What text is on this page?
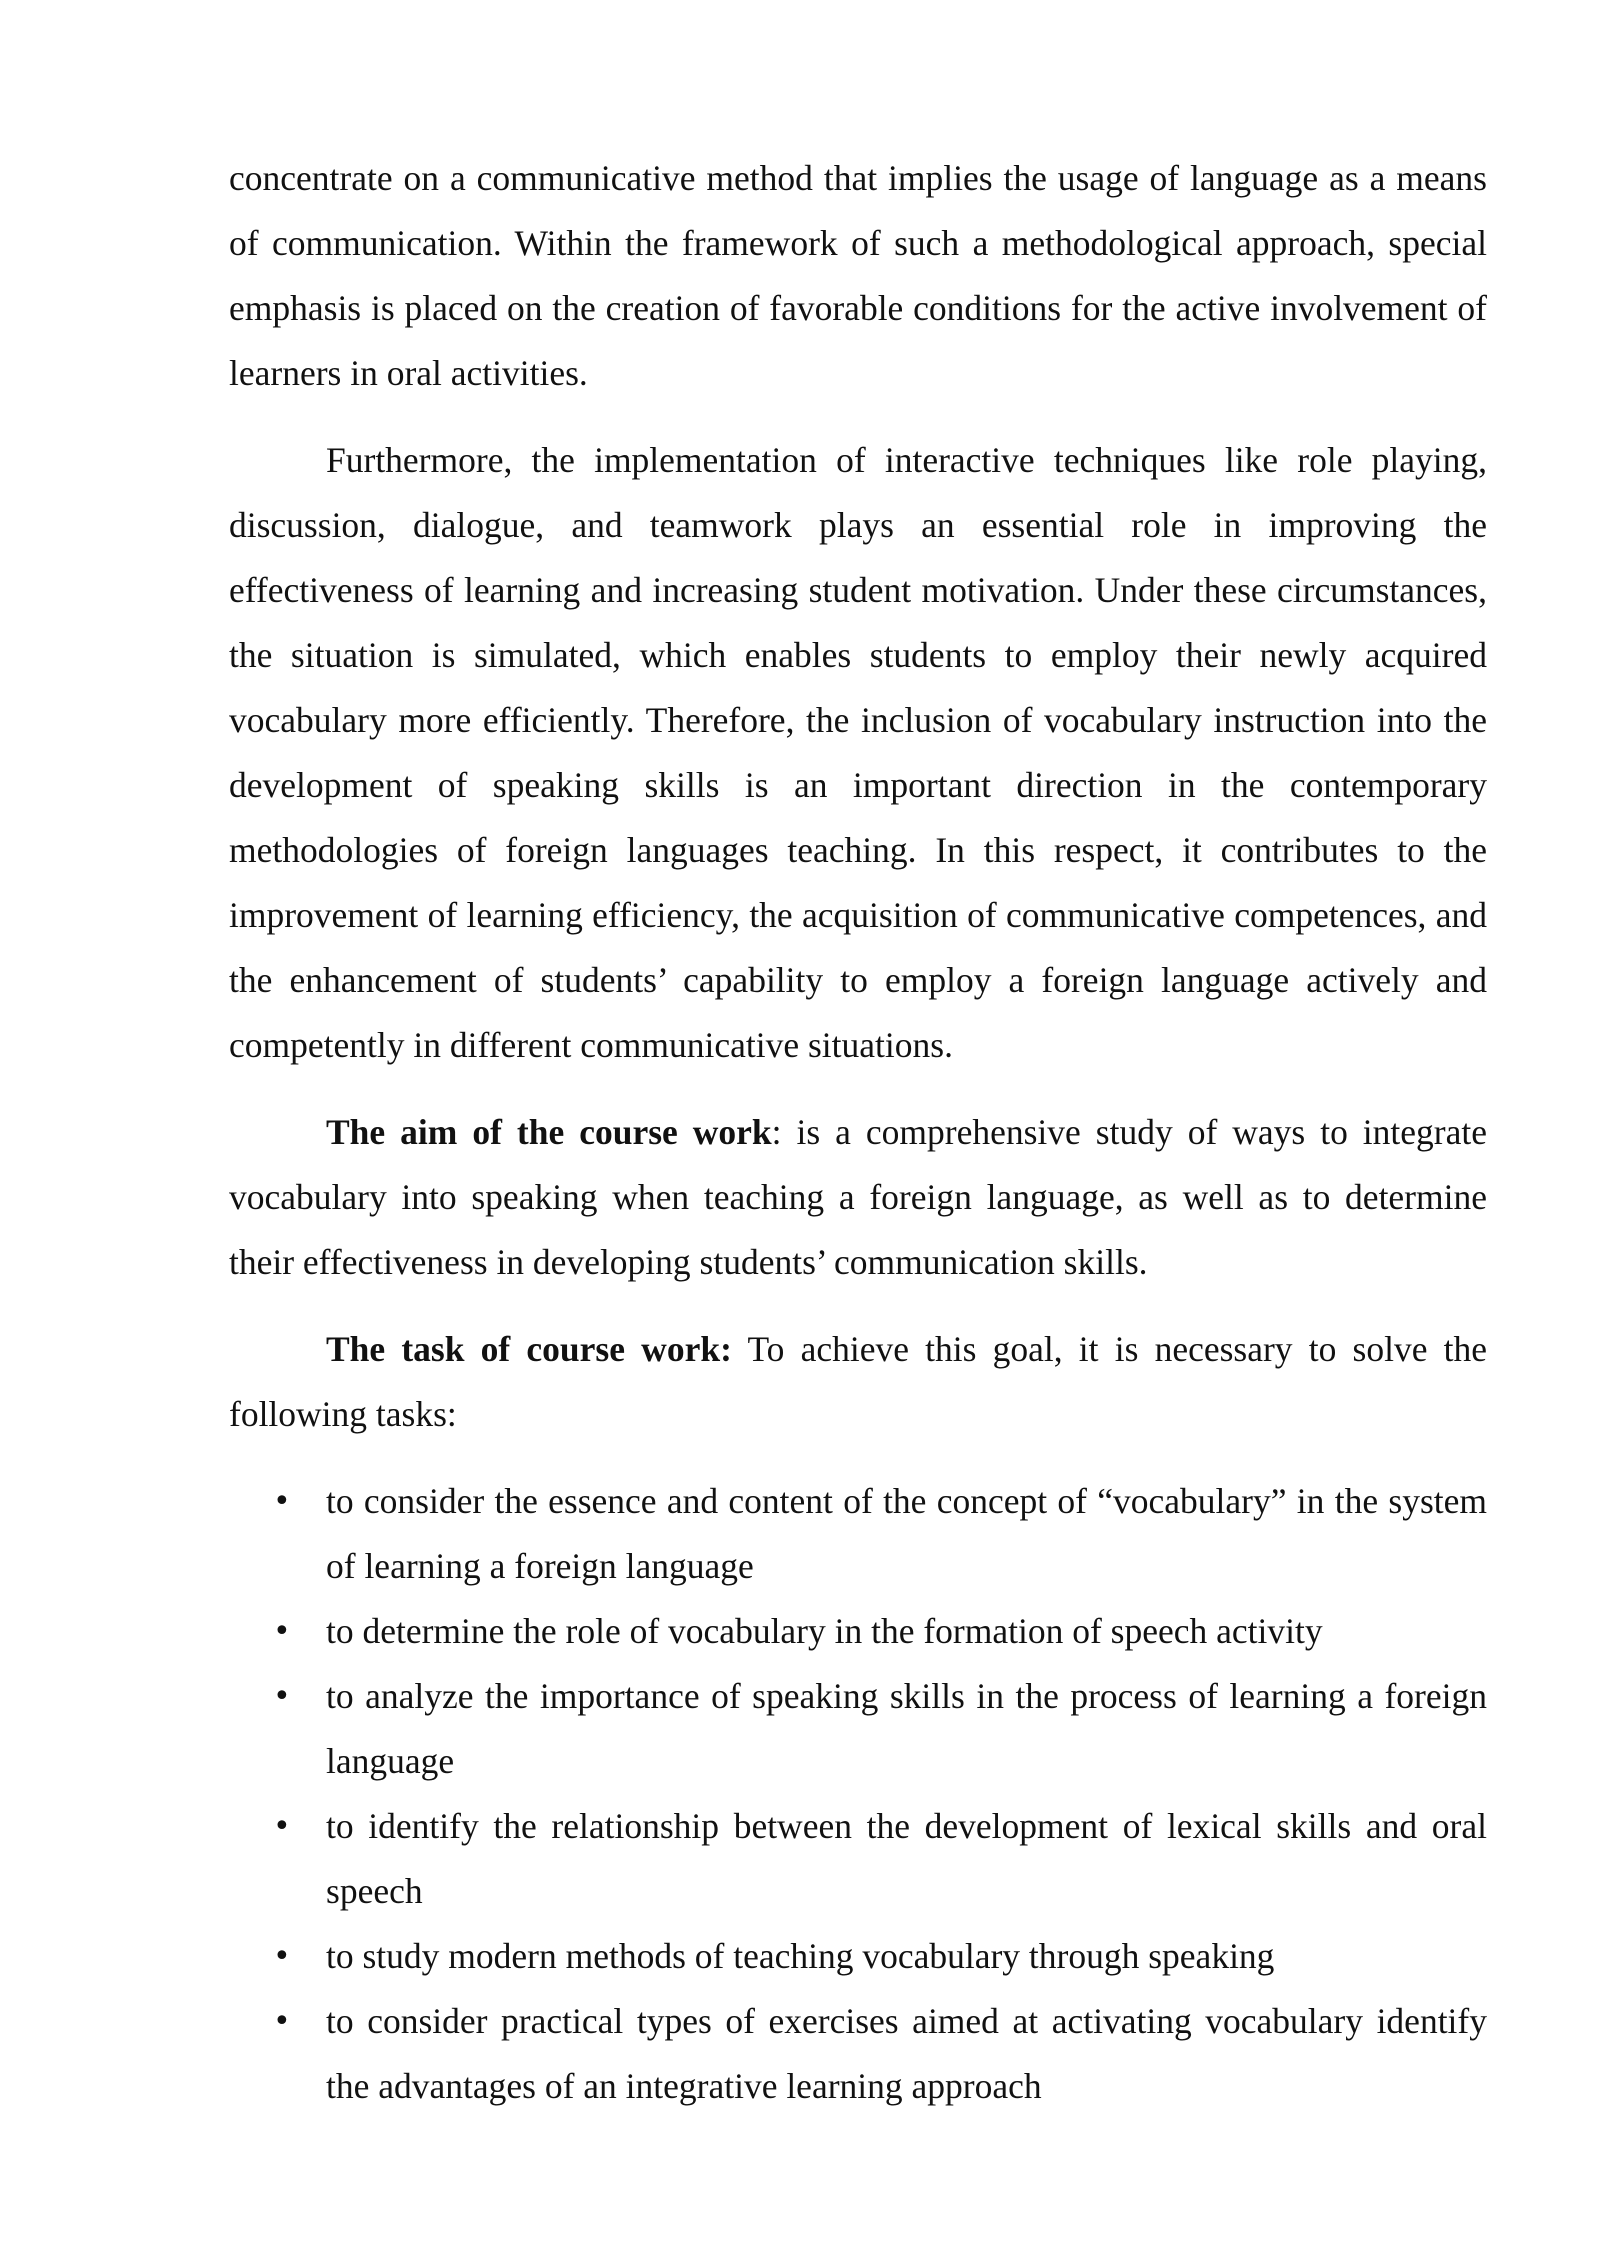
concentrate on a communicative method that implies the usage of language as a means of communication. Within the framework of such a methodological approach, special emphasis is placed on the creation of favorable conditions for the active involvement of learners in oral activities.

Furthermore, the implementation of interactive techniques like role playing, discussion, dialogue, and teamwork plays an essential role in improving the effectiveness of learning and increasing student motivation. Under these circumstances, the situation is simulated, which enables students to employ their newly acquired vocabulary more efficiently. Therefore, the inclusion of vocabulary instruction into the development of speaking skills is an important direction in the contemporary methodologies of foreign languages teaching. In this respect, it contributes to the improvement of learning efficiency, the acquisition of communicative competences, and the enhancement of students’ capability to employ a foreign language actively and competently in different communicative situations.

The aim of the course work: is a comprehensive study of ways to integrate vocabulary into speaking when teaching a foreign language, as well as to determine their effectiveness in developing students’ communication skills.

The task of course work: To achieve this goal, it is necessary to solve the following tasks:

• to consider the essence and content of the concept of “vocabulary” in the system of learning a foreign language
• to determine the role of vocabulary in the formation of speech activity
• to analyze the importance of speaking skills in the process of learning a foreign language
• to identify the relationship between the development of lexical skills and oral speech
• to study modern methods of teaching vocabulary through speaking
• to consider practical types of exercises aimed at activating vocabulary identify the advantages of an integrative learning approach
